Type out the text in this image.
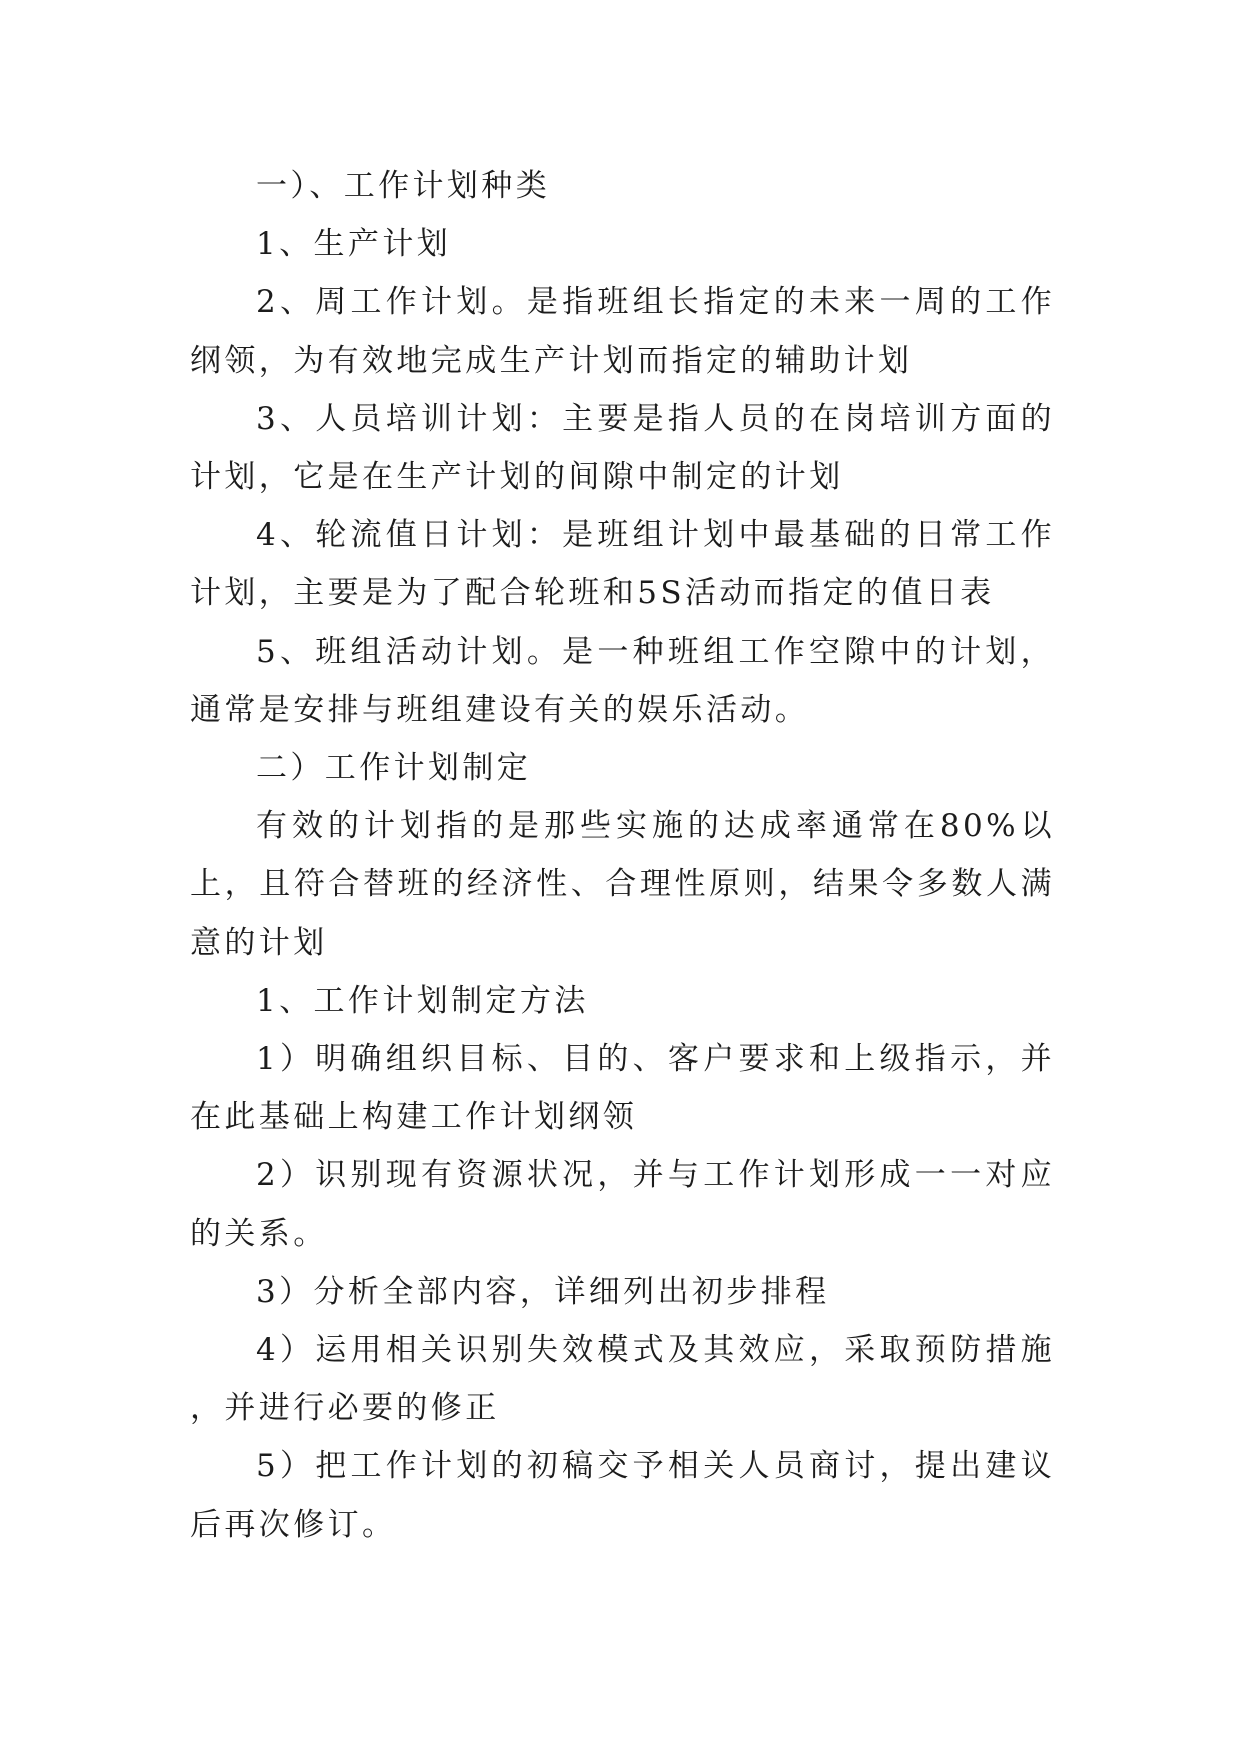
一）、工作计划种类

1、生产计划

2、周工作计划。是指班组长指定的未来一周的工作纲领，为有效地完成生产计划而指定的辅助计划

3、人员培训计划：主要是指人员的在岗培训方面的计划，它是在生产计划的间隙中制定的计划

4、轮流值日计划：是班组计划中最基础的日常工作计划，主要是为了配合轮班和5S活动而指定的值日表

5、班组活动计划。是一种班组工作空隙中的计划，通常是安排与班组建设有关的娱乐活动。

二）工作计划制定

有效的计划指的是那些实施的达成率通常在80%以上，且符合替班的经济性、合理性原则，结果令多数人满意的计划

1、工作计划制定方法

1）明确组织目标、目的、客户要求和上级指示，并在此基础上构建工作计划纲领

2）识别现有资源状况，并与工作计划形成一一对应的关系。

3）分析全部内容，详细列出初步排程

4）运用相关识别失效模式及其效应，采取预防措施，并进行必要的修正

5）把工作计划的初稿交予相关人员商讨，提出建议后再次修订。
